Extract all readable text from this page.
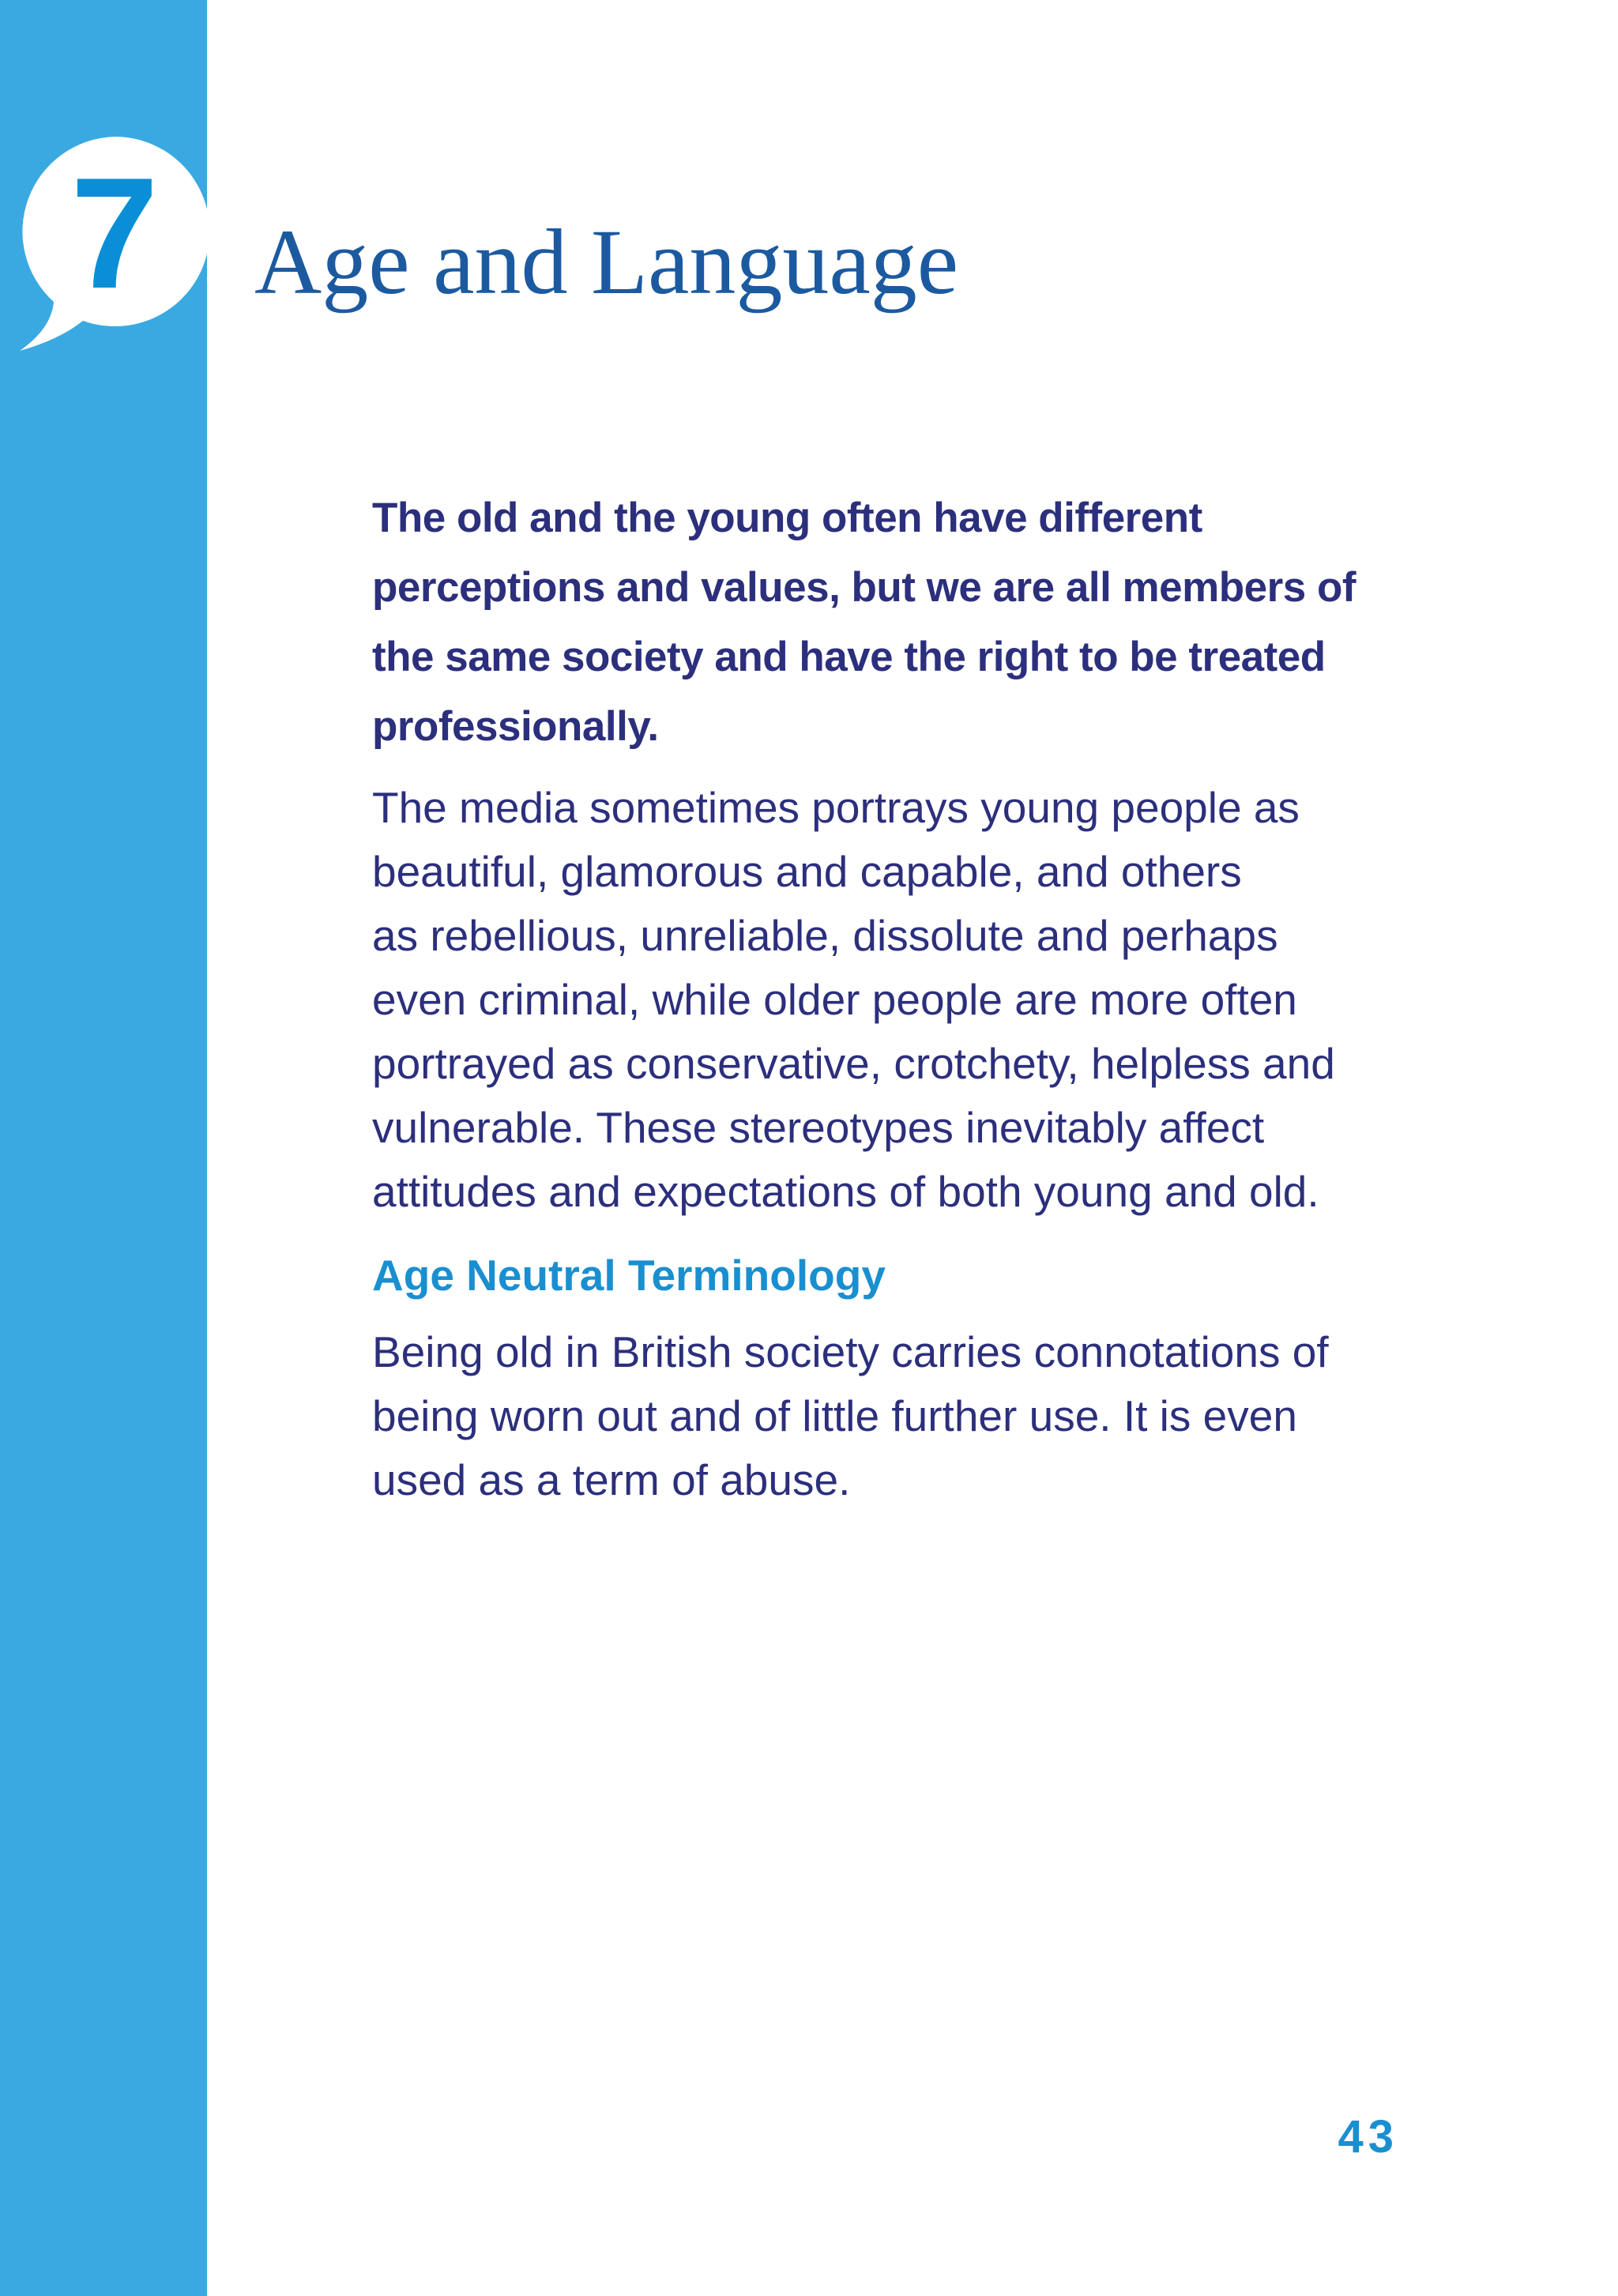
7	Age and Language

The old and the young often have different
perceptions and values, but we are all members of
the same society and have the right to be treated
professionally.

The media sometimes portrays young people as
beautiful, glamorous and capable, and others
as rebellious, unreliable, dissolute and perhaps
even criminal, while older people are more often
portrayed as conservative, crotchety, helpless and
vulnerable. These stereotypes inevitably affect
attitudes and expectations of both young and old.

Age Neutral Terminology

Being old in British society carries connotations of
being worn out and of little further use. It is even
used as a term of abuse.

43
